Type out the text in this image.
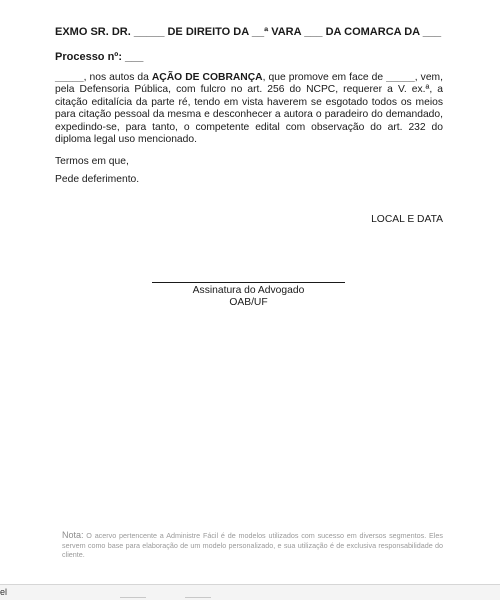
EXMO SR. DR. _____ DE DIREITO DA __ª VARA ___ DA COMARCA DA ___
Processo nº: ___
_____, nos autos da AÇÃO DE COBRANÇA, que promove em face de _____, vem, pela Defensoria Pública, com fulcro no art. 256 do NCPC, requerer a V. ex.ª, a citação editalícia da parte ré, tendo em vista haverem se esgotado todos os meios para citação pessoal da mesma e desconhecer a autora o paradeiro do demandado, expedindo-se, para tanto, o competente edital com observação do art. 232 do diploma legal uso mencionado.
Termos em que,
Pede deferimento.
LOCAL E DATA
Assinatura do Advogado
OAB/UF
Nota: O acervo pertencente a Administre Fácil é de modelos utilizados com sucesso em diversos segmentos. Eles servem como base para elaboração de um modelo personalizado, e sua utilização é de exclusiva responsabilidade do cliente.
el
